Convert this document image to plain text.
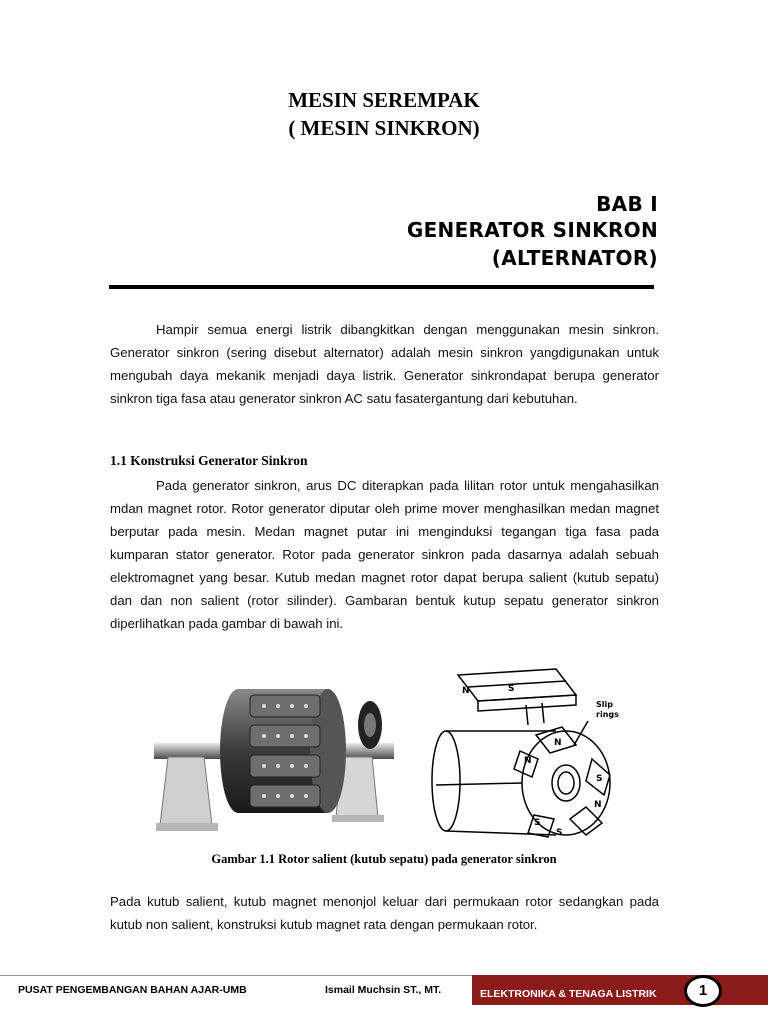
MESIN SEREMPAK
( MESIN SINKRON)
BAB I
GENERATOR SINKRON
(ALTERNATOR)

Hampir semua energi listrik dibangkitkan dengan menggunakan mesin sinkron. Generator sinkron (sering disebut alternator) adalah mesin sinkron yangdigunakan untuk mengubah daya mekanik menjadi daya listrik. Generator sinkrondapat berupa generator sinkron tiga fasa atau generator sinkron AC satu fasatergantung dari kebutuhan.

1.1 Konstruksi Generator Sinkron

Pada generator sinkron, arus DC diterapkan pada lilitan rotor untuk mengahasilkan mdan magnet rotor. Rotor generator diputar oleh prime mover menghasilkan medan magnet berputar pada mesin. Medan magnet putar ini menginduksi tegangan tiga fasa pada kumparan stator generator. Rotor pada generator sinkron pada dasarnya adalah sebuah elektromagnet yang besar. Kutub medan magnet rotor dapat berupa salient (kutub sepatu) dan dan non salient (rotor silinder). Gambaran bentuk kutup sepatu generator sinkron diperlihatkan pada gambar di bawah ini.

Slip
rings
N	S
N
S
N
S
N
S
Gambar 1.1 Rotor salient (kutub sepatu) pada generator sinkron

Pada kutub salient, kutub magnet menonjol keluar dari permukaan rotor sedangkan pada kutub non salient, konstruksi kutub magnet rata dengan permukaan rotor.

PUSAT PENGEMBANGAN BAHAN AJAR-UMB	Ismail Muchsin ST., MT.	ELEKTRONIKA & TENAGA LISTRIK	1
